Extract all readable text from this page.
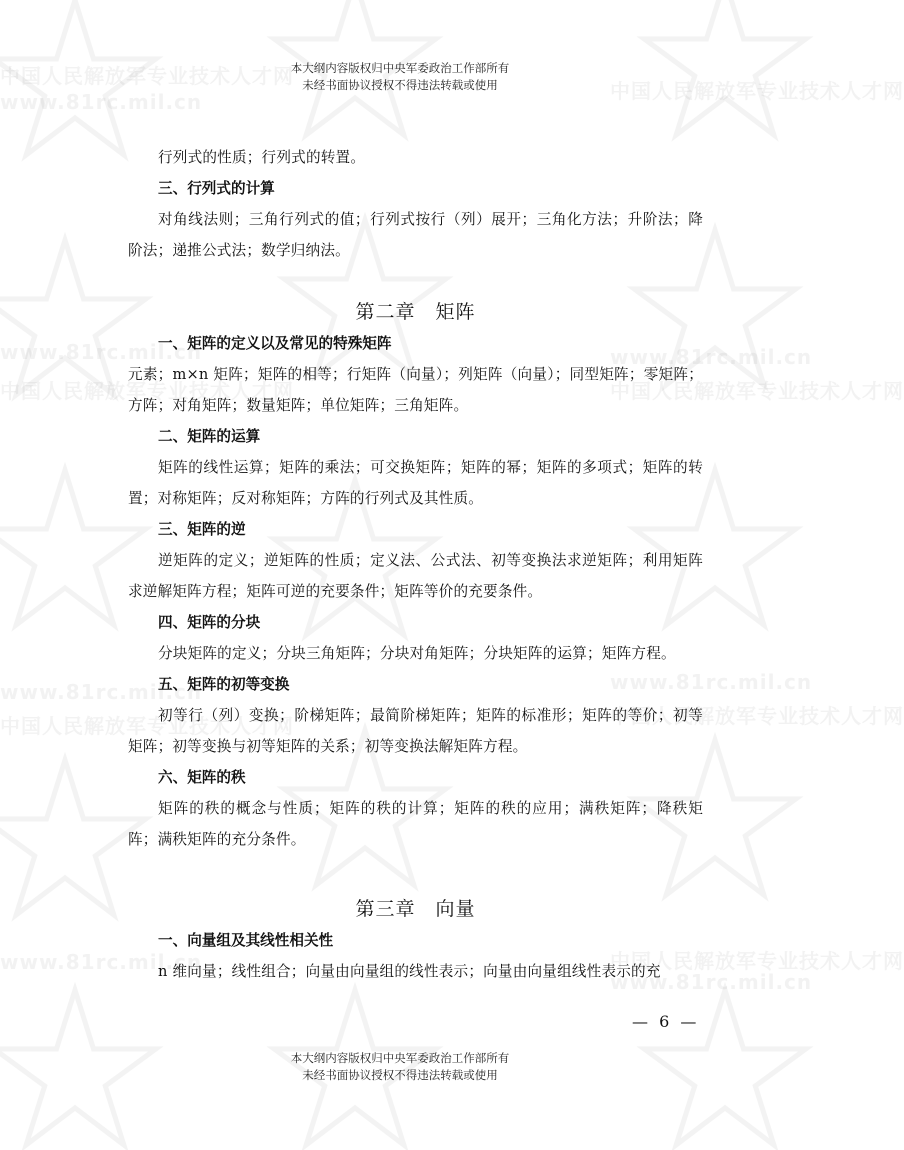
中国人民解放军专业技术人才网
www.81rc.mil.cn	中国人民解放军专业技术人才网
www.81rc.mil.cn
中国人民解放军专业技术人才网
www.81rc.mil.cn
中国人民解放军专业技术人才网
www.81rc.mil.cn
中国人民解放军专业技术人才网
www.81rc.mil.cn
中国人民解放军专业技术人才网
www.81rc.mil.cn	中国人民解放军专业技术人才网
www.81rc.mil.cn
本大纲内容版权归中央军委政治工作部所有
未经书面协议授权不得违法转载或使用

行列式的性质；行列式的转置。

三、行列式的计算

对角线法则；三角行列式的值；行列式按行（列）展开；三角化方法；升阶法；降阶法；递推公式法；数学归纳法。

第二章　矩阵
一、矩阵的定义以及常见的特殊矩阵

元素；m×n 矩阵；矩阵的相等；行矩阵（向量）；列矩阵（向量）；同型矩阵；零矩阵；方阵；对角矩阵；数量矩阵；单位矩阵；三角矩阵。

二、矩阵的运算

矩阵的线性运算；矩阵的乘法；可交换矩阵；矩阵的幂；矩阵的多项式；矩阵的转置；对称矩阵；反对称矩阵；方阵的行列式及其性质。

三、矩阵的逆

逆矩阵的定义；逆矩阵的性质；定义法、公式法、初等变换法求逆矩阵；利用矩阵求逆解矩阵方程；矩阵可逆的充要条件；矩阵等价的充要条件。

四、矩阵的分块

分块矩阵的定义；分块三角矩阵；分块对角矩阵；分块矩阵的运算；矩阵方程。

五、矩阵的初等变换

初等行（列）变换；阶梯矩阵；最简阶梯矩阵；矩阵的标准形；矩阵的等价；初等矩阵；初等变换与初等矩阵的关系；初等变换法解矩阵方程。

六、矩阵的秩

矩阵的秩的概念与性质；矩阵的秩的计算；矩阵的秩的应用；满秩矩阵；降秩矩阵；满秩矩阵的充分条件。

第三章　向量
一、向量组及其线性相关性

n 维向量；线性组合；向量由向量组的线性表示；向量由向量组线性表示的充

— 6 —
本大纲内容版权归中央军委政治工作部所有
未经书面协议授权不得违法转载或使用
